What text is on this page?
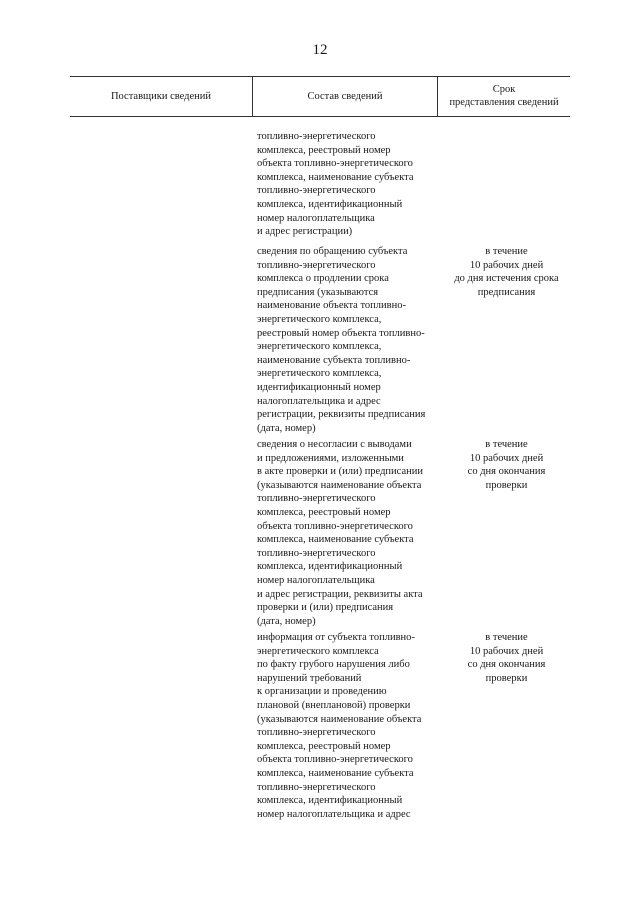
12
Поставщики сведений	Состав сведений
Срок
представления сведений
топливно-энергетического
комплекса, реестровый номер
объекта топливно-энергетического
комплекса, наименование субъекта
топливно-энергетического
комплекса, идентификационный
номер налогоплательщика
и адрес регистрации)
сведения по обращению субъекта
топливно-энергетического
комплекса о продлении срока
предписания (указываются
наименование объекта топливно-
энергетического комплекса,
реестровый номер объекта топливно-
энергетического комплекса,
наименование субъекта топливно-
энергетического комплекса,
идентификационный номер
налогоплательщика и адрес
регистрации, реквизиты предписания
(дата, номер)
в течение
10 рабочих дней
до дня истечения срока
предписания
сведения о несогласии с выводами
и предложениями, изложенными
в акте проверки и (или) предписании
(указываются наименование объекта
топливно-энергетического
комплекса, реестровый номер
объекта топливно-энергетического
комплекса, наименование субъекта
топливно-энергетического
комплекса, идентификационный
номер налогоплательщика
и адрес регистрации, реквизиты акта
проверки и (или) предписания
(дата, номер)
в течение
10 рабочих дней
со дня окончания
проверки
информация от субъекта топливно-
энергетического комплекса
по факту грубого нарушения либо
нарушений требований
к организации и проведению
плановой (внеплановой) проверки
(указываются наименование объекта
топливно-энергетического
комплекса, реестровый номер
объекта топливно-энергетического
комплекса, наименование субъекта
топливно-энергетического
комплекса, идентификационный
номер налогоплательщика и адрес
в течение
10 рабочих дней
со дня окончания
проверки
